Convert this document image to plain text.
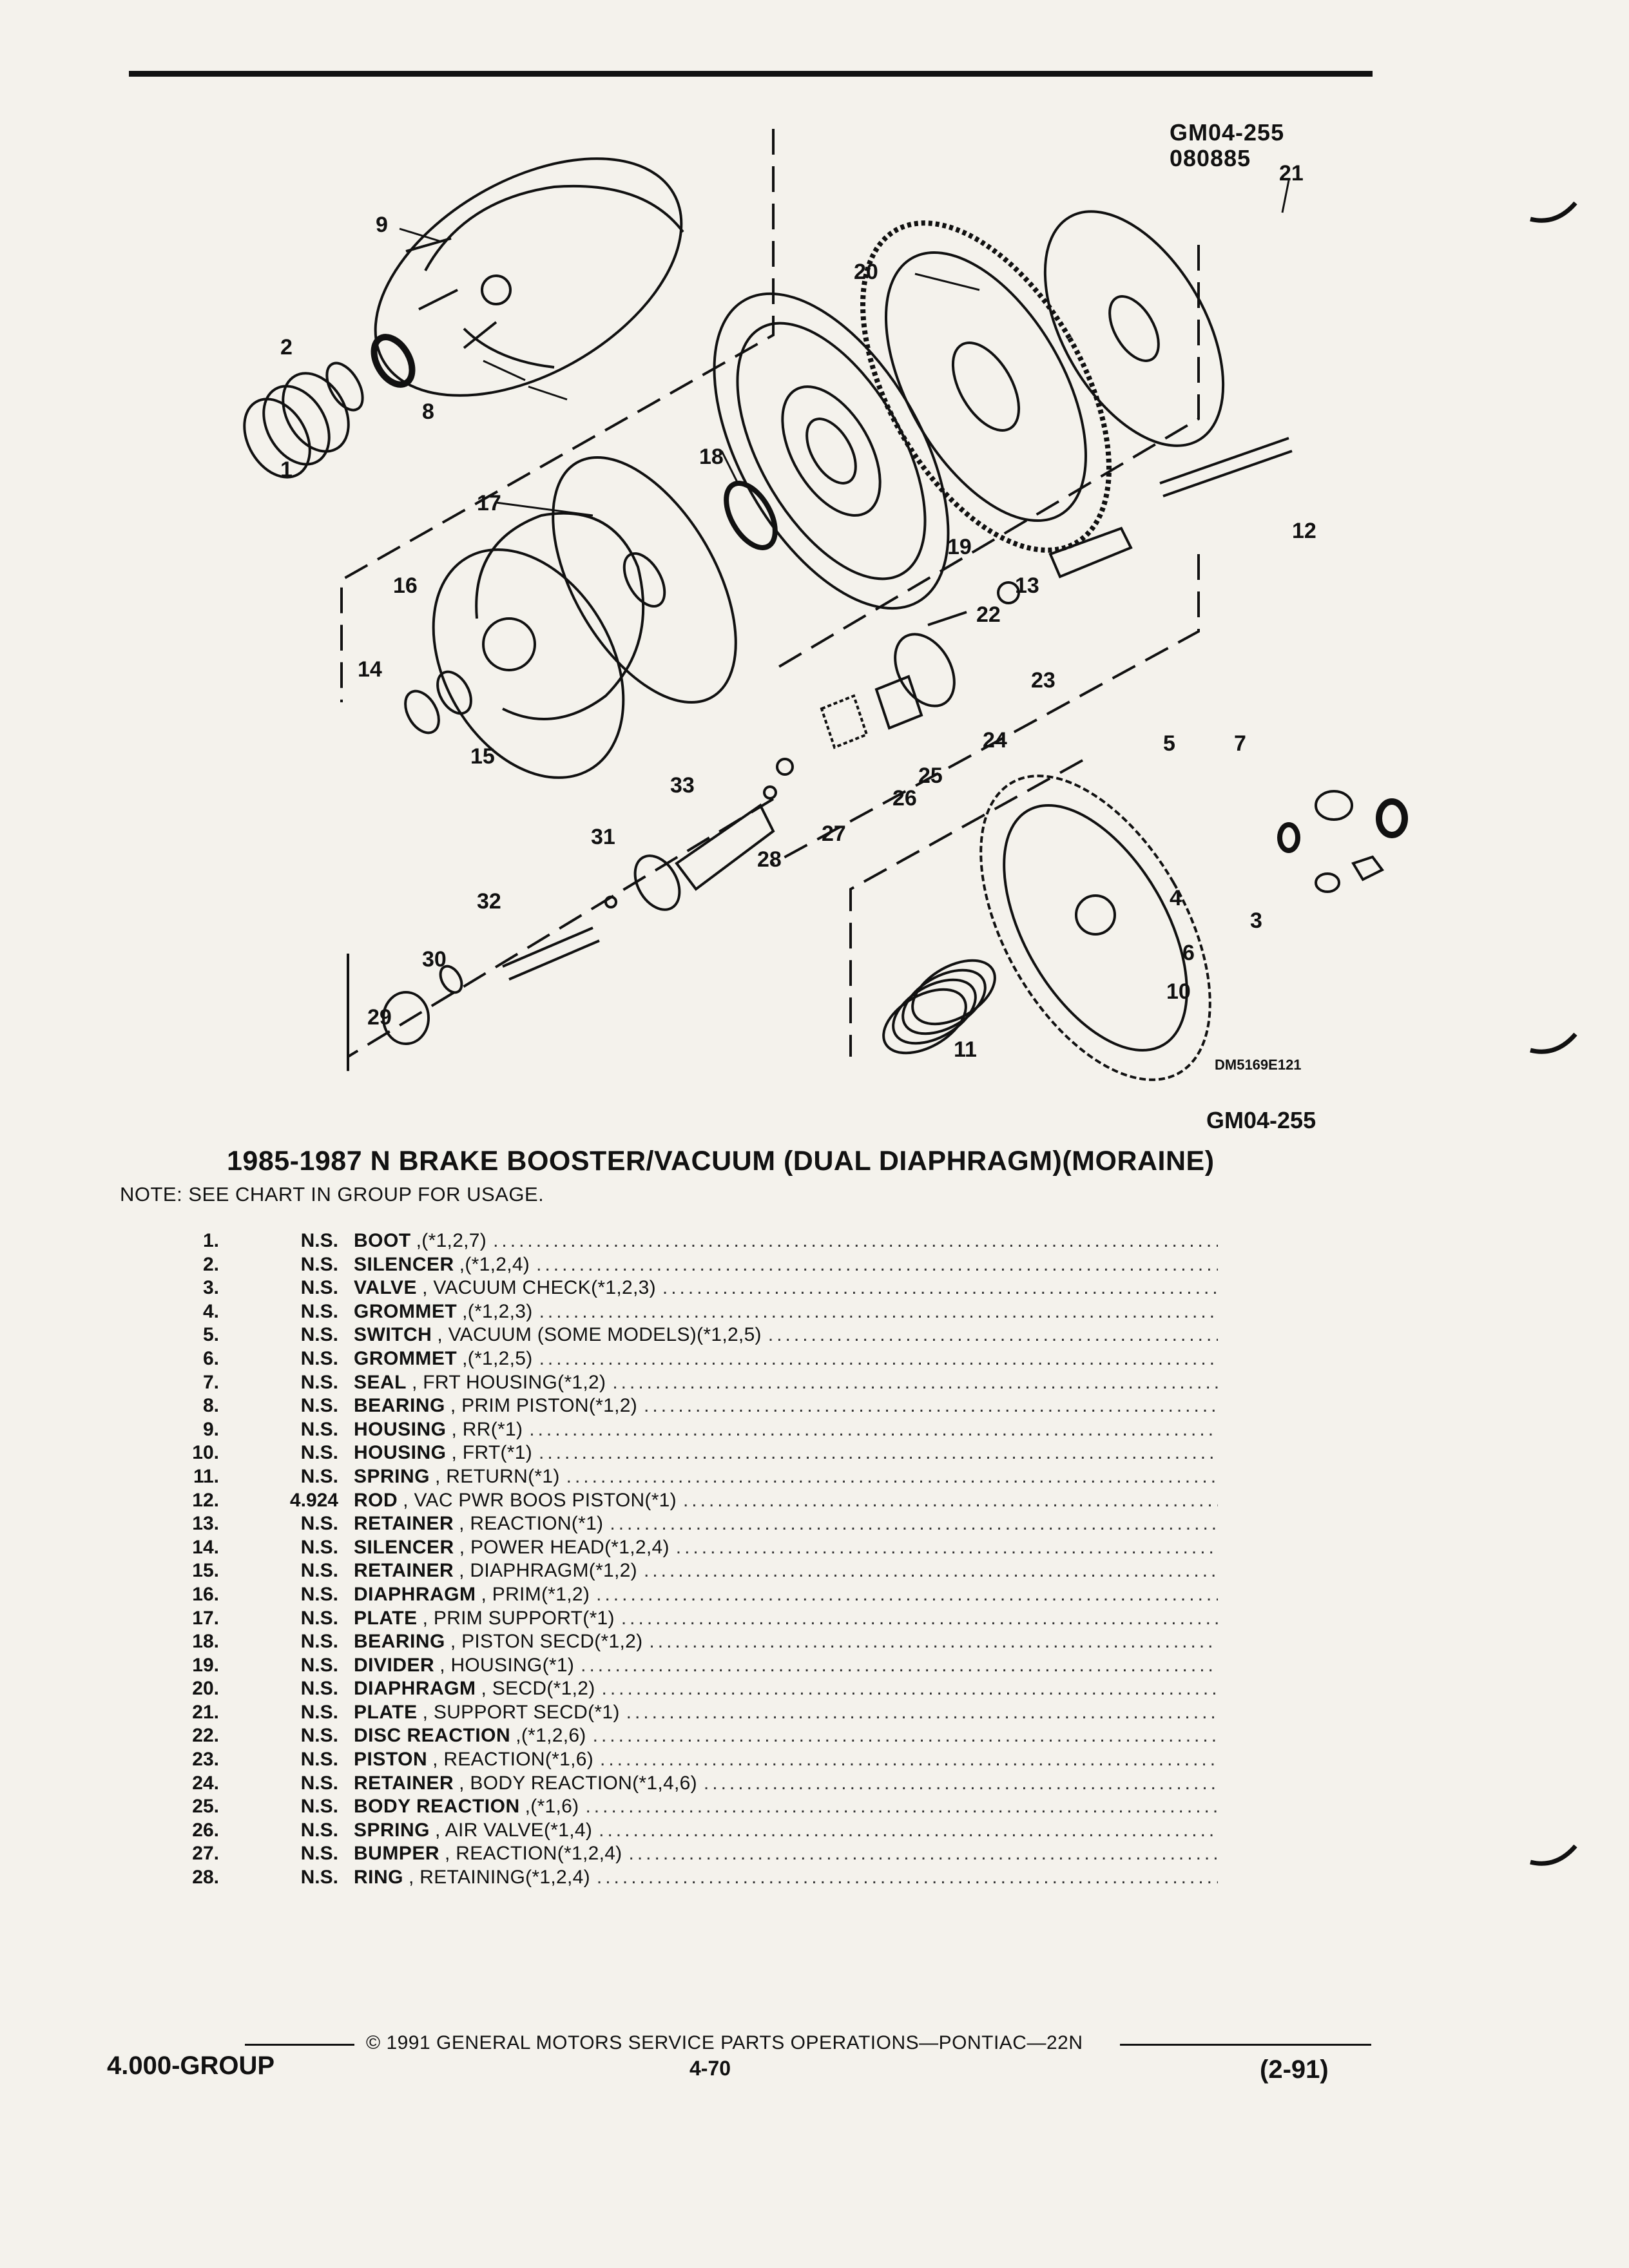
GM04-255
080885
9
1
2
8
21
20
18
17
19
12
13
22
23
16
14
15
24
25
26
33
31	27
28
32
30
29
10
11
5	7
4
6
3
DM5169E121
GM04-255
1985-1987 N BRAKE BOOSTER/VACUUM (DUAL DIAPHRAGM)(MORAINE)
NOTE: SEE CHART IN GROUP FOR USAGE.
1.	N.S. BOOT ,(*1,2,7)
.....
2.	N.S. SILENCER ,(*1,2,4)
.....
3.	N.S. VALVE , VACUUM CHECK(*1,2,3)
.....
4.	N.S. GROMMET ,(*1,2,3)
.....
5.	N.S. SWITCH , VACUUM (SOME MODELS)(*1,2,5)
.....
6.	N.S. GROMMET ,(*1,2,5)
.....
7.	N.S. SEAL , FRT HOUSING(*1,2)
.....
8.	N.S. BEARING , PRIM PISTON(*1,2)
.....
9.	N.S. HOUSING , RR(*1)
.....
10.	N.S. HOUSING , FRT(*1)
.....
11.	N.S. SPRING , RETURN(*1)
.....
12.	4.924 ROD , VAC PWR BOOS PISTON(*1)
.....
13.	N.S. RETAINER , REACTION(*1)
.....
14.	N.S. SILENCER , POWER HEAD(*1,2,4)
.....
15.	N.S. RETAINER , DIAPHRAGM(*1,2)
.....
16.	N.S. DIAPHRAGM , PRIM(*1,2)
.....
17.	N.S. PLATE , PRIM SUPPORT(*1)
.....
18.	N.S. BEARING , PISTON SECD(*1,2)
.....
19.	N.S. DIVIDER , HOUSING(*1)
.....
20.	N.S. DIAPHRAGM , SECD(*1,2)
.....
21.	N.S. PLATE , SUPPORT SECD(*1)
.....
22.	N.S. DISC REACTION ,(*1,2,6)
.....
23.	N.S. PISTON , REACTION(*1,6)
.....
24.	N.S. RETAINER , BODY REACTION(*1,4,6)
.....
25.	N.S. BODY REACTION ,(*1,6)
.....
26.	N.S. SPRING , AIR VALVE(*1,4)
.....
27.	N.S. BUMPER , REACTION(*1,2,4)
.....
28.	N.S. RING , RETAINING(*1,2,4)
.....
© 1991 GENERAL MOTORS SERVICE PARTS OPERATIONS—PONTIAC—22N
4.000-GROUP	4-70	(2-91)
